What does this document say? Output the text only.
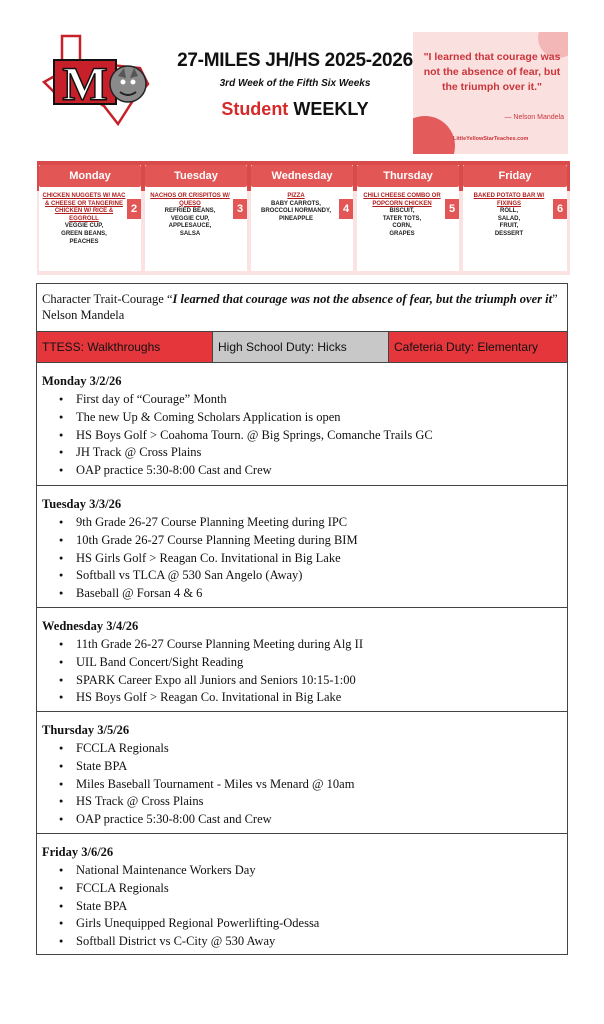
M	27-MILES JH/HS 2025-2026
3rd Week of the Fifth Six Weeks
Student WEEKLY
"I learned that courage was not the absence of fear, but the triumph over it."
— Nelson Mandela
LittleYellowStarTeaches.com
Monday
2
CHICKEN NUGGETS W/ MAC & CHEESE OR TANGERINE CHICKEN W/ RICE & EGGROLL
VEGGIE CUP,
GREEN BEANS,
PEACHES
Tuesday
3
NACHOS OR CRISPITOS W/ QUESO
REFRIED BEANS,
VEGGIE CUP,
APPLESAUCE,
SALSA
Wednesday
4
PIZZA
BABY CARROTS,
BROCCOLI NORMANDY,
PINEAPPLE
Thursday
5
CHILI CHEESE COMBO OR POPCORN CHICKEN
BISCUIT,
TATER TOTS,
CORN,
GRAPES
Friday
6
BAKED POTATO BAR W/ FIXINGS
ROLL,
SALAD,
FRUIT,
DESSERT
Character Trait-Courage “I learned that courage was not the absence of fear, but the triumph over it”
Nelson Mandela
TTESS: Walkthroughs	High School Duty: Hicks	Cafeteria Duty: Elementary
Monday 3/2/26
● First day of “Courage” Month
● The new Up & Coming Scholars Application is open
● HS Boys Golf > Coahoma Tourn. @ Big Springs, Comanche Trails GC
● JH Track @ Cross Plains
● OAP practice 5:30-8:00 Cast and Crew
Tuesday 3/3/26
● 9th Grade 26-27 Course Planning Meeting during IPC
● 10th Grade 26-27 Course Planning Meeting during BIM
● HS Girls Golf > Reagan Co. Invitational in Big Lake
● Softball vs TLCA @ 530 San Angelo (Away)
● Baseball @ Forsan 4 & 6
Wednesday 3/4/26
● 11th Grade 26-27 Course Planning Meeting during Alg II
● UIL Band Concert/Sight Reading
● SPARK Career Expo all Juniors and Seniors 10:15-1:00
● HS Boys Golf > Reagan Co. Invitational in Big Lake
Thursday 3/5/26
● FCCLA Regionals
● State BPA
● Miles Baseball Tournament - Miles vs Menard @ 10am
● HS Track @ Cross Plains
● OAP practice 5:30-8:00 Cast and Crew
Friday 3/6/26
● National Maintenance Workers Day
● FCCLA Regionals
● State BPA
● Girls Unequipped Regional Powerlifting-Odessa
● Softball District vs C-City @ 530 Away
